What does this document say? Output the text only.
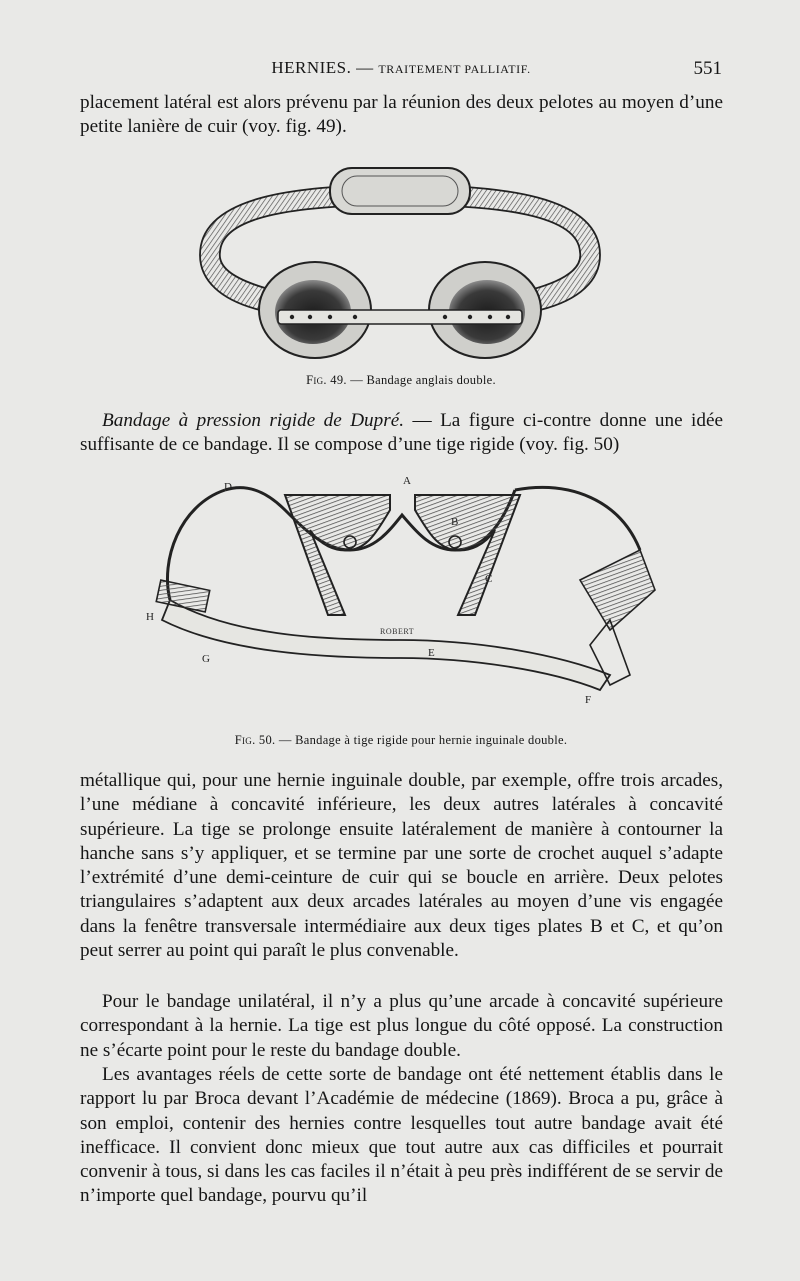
HERNIES. — TRAITEMENT PALLIATIF.	551

placement latéral est alors prévenu par la réunion des deux pelotes au moyen d’une petite lanière de cuir (voy. fig. 49).

Fig. 49. — Bandage anglais double.

Bandage à pression rigide de Dupré. — La figure ci-contre donne une idée suffisante de ce bandage. Il se compose d’une tige rigide (voy. fig. 50)

A
B
C
D
E
F
G
H
ROBERT
Fig. 50. — Bandage à tige rigide pour hernie inguinale double.

métallique qui, pour une hernie inguinale double, par exemple, offre trois arcades, l’une médiane à concavité inférieure, les deux autres latérales à concavité supérieure. La tige se prolonge ensuite latéralement de manière à contourner la hanche sans s’y appliquer, et se termine par une sorte de crochet auquel s’adapte l’extrémité d’une demi-ceinture de cuir qui se boucle en arrière. Deux pelotes triangulaires s’adaptent aux deux arcades latérales au moyen d’une vis engagée dans la fenêtre transversale intermédiaire aux deux tiges plates B et C, et qu’on peut serrer au point qui paraît le plus convenable.

Pour le bandage unilatéral, il n’y a plus qu’une arcade à concavité supérieure correspondant à la hernie. La tige est plus longue du côté opposé. La construction ne s’écarte point pour le reste du bandage double.

Les avantages réels de cette sorte de bandage ont été nettement établis dans le rapport lu par Broca devant l’Académie de médecine (1869). Broca a pu, grâce à son emploi, contenir des hernies contre lesquelles tout autre bandage avait été inefficace. Il convient donc mieux que tout autre aux cas difficiles et pourrait convenir à tous, si dans les cas faciles il n’était à peu près indifférent de se servir de n’importe quel bandage, pourvu qu’il
